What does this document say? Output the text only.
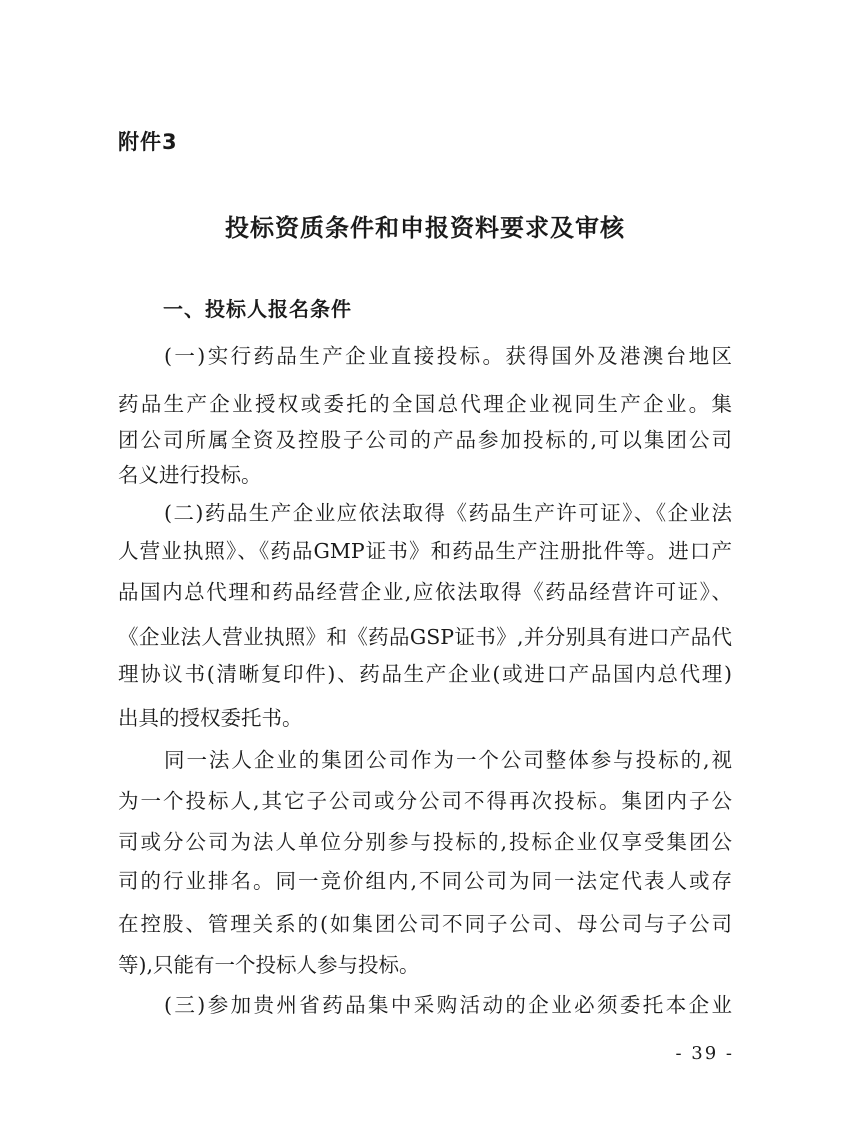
附件3
投标资质条件和申报资料要求及审核
一、投标人报名条件
(一)实行药品生产企业直接投标。获得国外及港澳台地区
药品生产企业授权或委托的全国总代理企业视同生产企业。集
团公司所属全资及控股子公司的产品参加投标的,可以集团公司
名义进行投标。
(二)药品生产企业应依法取得《药品生产许可证》、《企业法
人营业执照》、《药品GMP证书》和药品生产注册批件等。进口产
品国内总代理和药品经营企业,应依法取得《药品经营许可证》、
《企业法人营业执照》和《药品GSP证书》,并分别具有进口产品代
理协议书(清晰复印件)、药品生产企业(或进口产品国内总代理)
出具的授权委托书。
同一法人企业的集团公司作为一个公司整体参与投标的,视
为一个投标人,其它子公司或分公司不得再次投标。集团内子公
司或分公司为法人单位分别参与投标的,投标企业仅享受集团公
司的行业排名。同一竞价组内,不同公司为同一法定代表人或存
在控股、管理关系的(如集团公司不同子公司、母公司与子公司
等),只能有一个投标人参与投标。
(三)参加贵州省药品集中采购活动的企业必须委托本企业
- 39 -
